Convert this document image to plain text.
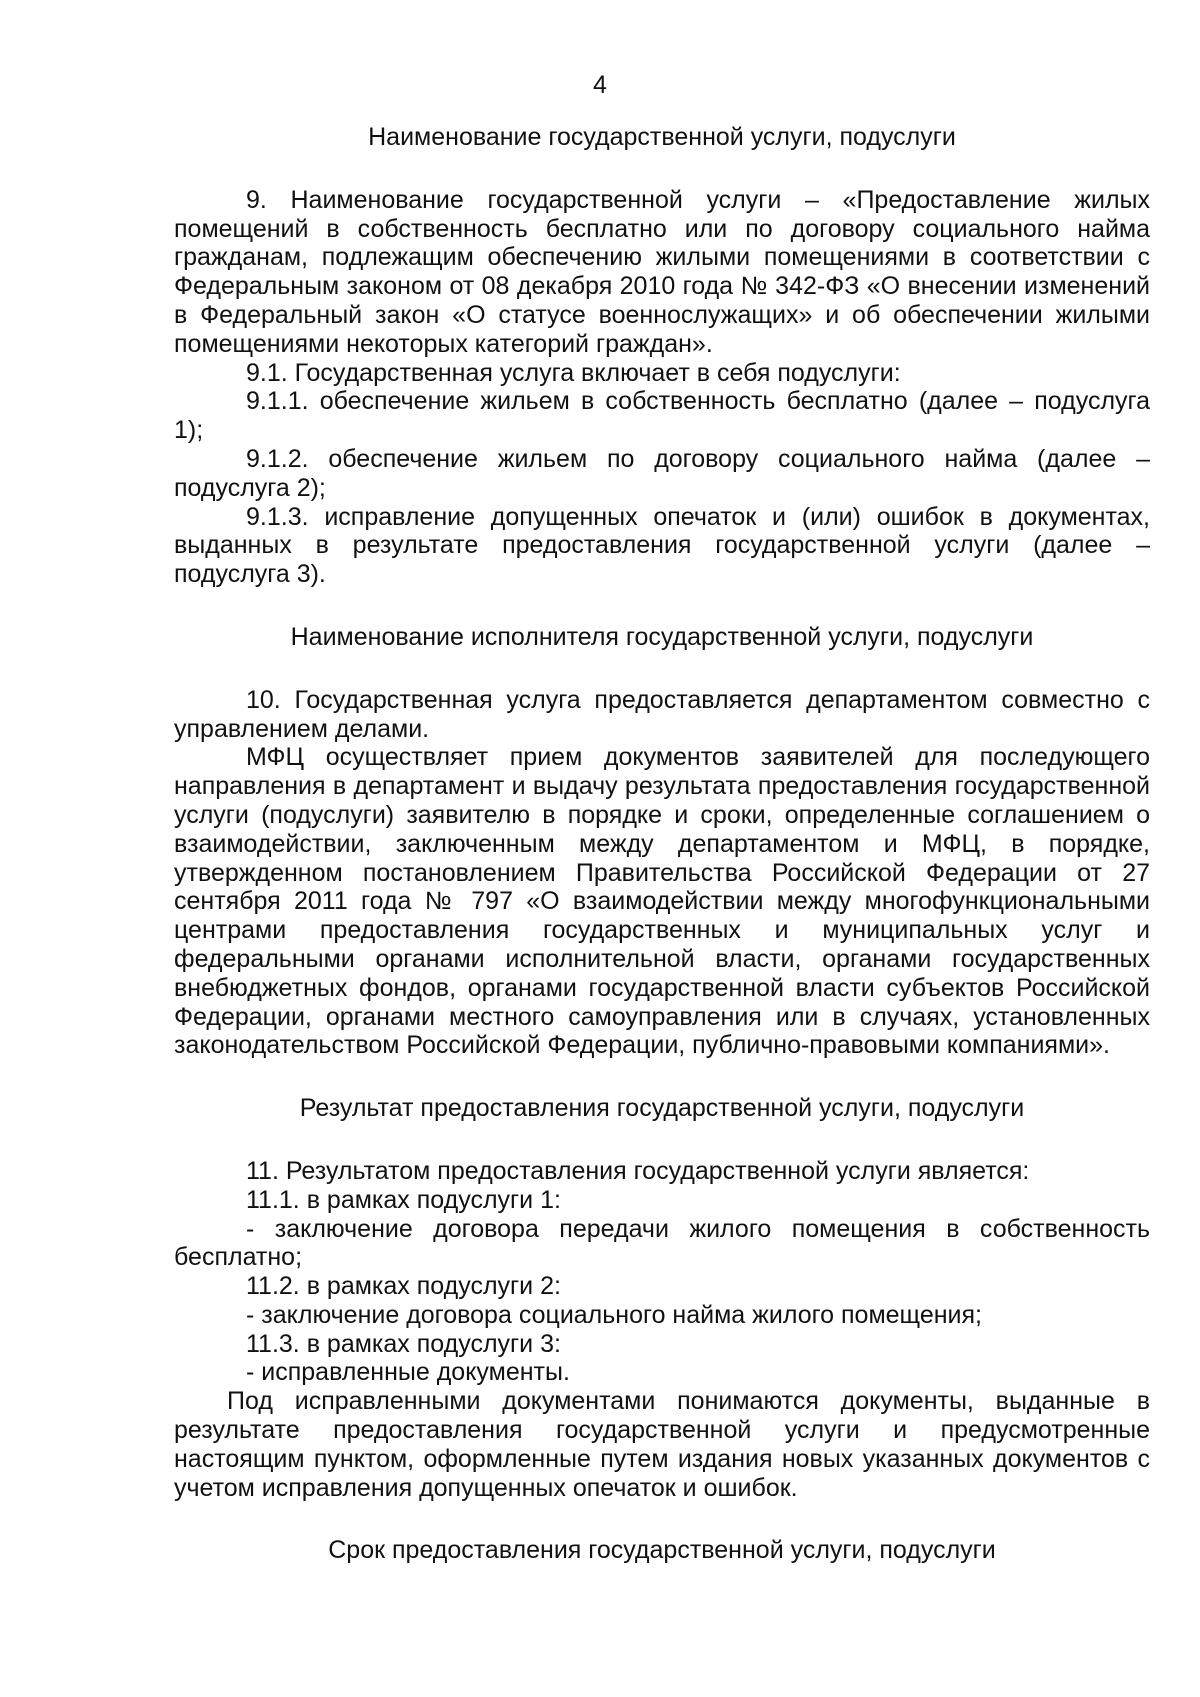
4
Наименование государственной услуги, подуслуги

9. Наименование государственной услуги – «Предоставление жилых помещений в собственность бесплатно или по договору социального найма гражданам, подлежащим обеспечению жилыми помещениями в соответствии с Федеральным законом от 08 декабря 2010 года № 342-ФЗ «О внесении изменений в Федеральный закон «О статусе военнослужащих» и об обеспечении жилыми помещениями некоторых категорий граждан».

9.1. Государственная услуга включает в себя подуслуги:

9.1.1. обеспечение жильем в собственность бесплатно (далее – подуслуга 1);

9.1.2. обеспечение жильем по договору социального найма (далее – подуслуга 2);

9.1.3. исправление допущенных опечаток и (или) ошибок в документах, выданных в результате предоставления государственной услуги (далее – подуслуга 3).

Наименование исполнителя государственной услуги, подуслуги

10. Государственная услуга предоставляется департаментом совместно с управлением делами.

МФЦ осуществляет прием документов заявителей для последующего направления в департамент и выдачу результата предоставления государственной услуги (подуслуги) заявителю в порядке и сроки, определенные соглашением о взаимодействии, заключенным между департаментом и МФЦ, в порядке, утвержденном постановлением Правительства Российской Федерации от 27 сентября 2011 года № 797 «О взаимодействии между многофункциональными центрами предоставления государственных и муниципальных услуг и федеральными органами исполнительной власти, органами государственных внебюджетных фондов, органами государственной власти субъектов Российской Федерации, органами местного самоуправления или в случаях, установленных законодательством Российской Федерации, публично-правовыми компаниями».

Результат предоставления государственной услуги, подуслуги

11. Результатом предоставления государственной услуги является:

11.1. в рамках подуслуги 1:

- заключение договора передачи жилого помещения в собственность бесплатно;

11.2. в рамках подуслуги 2:

- заключение договора социального найма жилого помещения;

11.3. в рамках подуслуги 3:

- исправленные документы.

Под исправленными документами понимаются документы, выданные в результате предоставления государственной услуги и предусмотренные настоящим пунктом, оформленные путем издания новых указанных документов с учетом исправления допущенных опечаток и ошибок.

Срок предоставления государственной услуги, подуслуги
